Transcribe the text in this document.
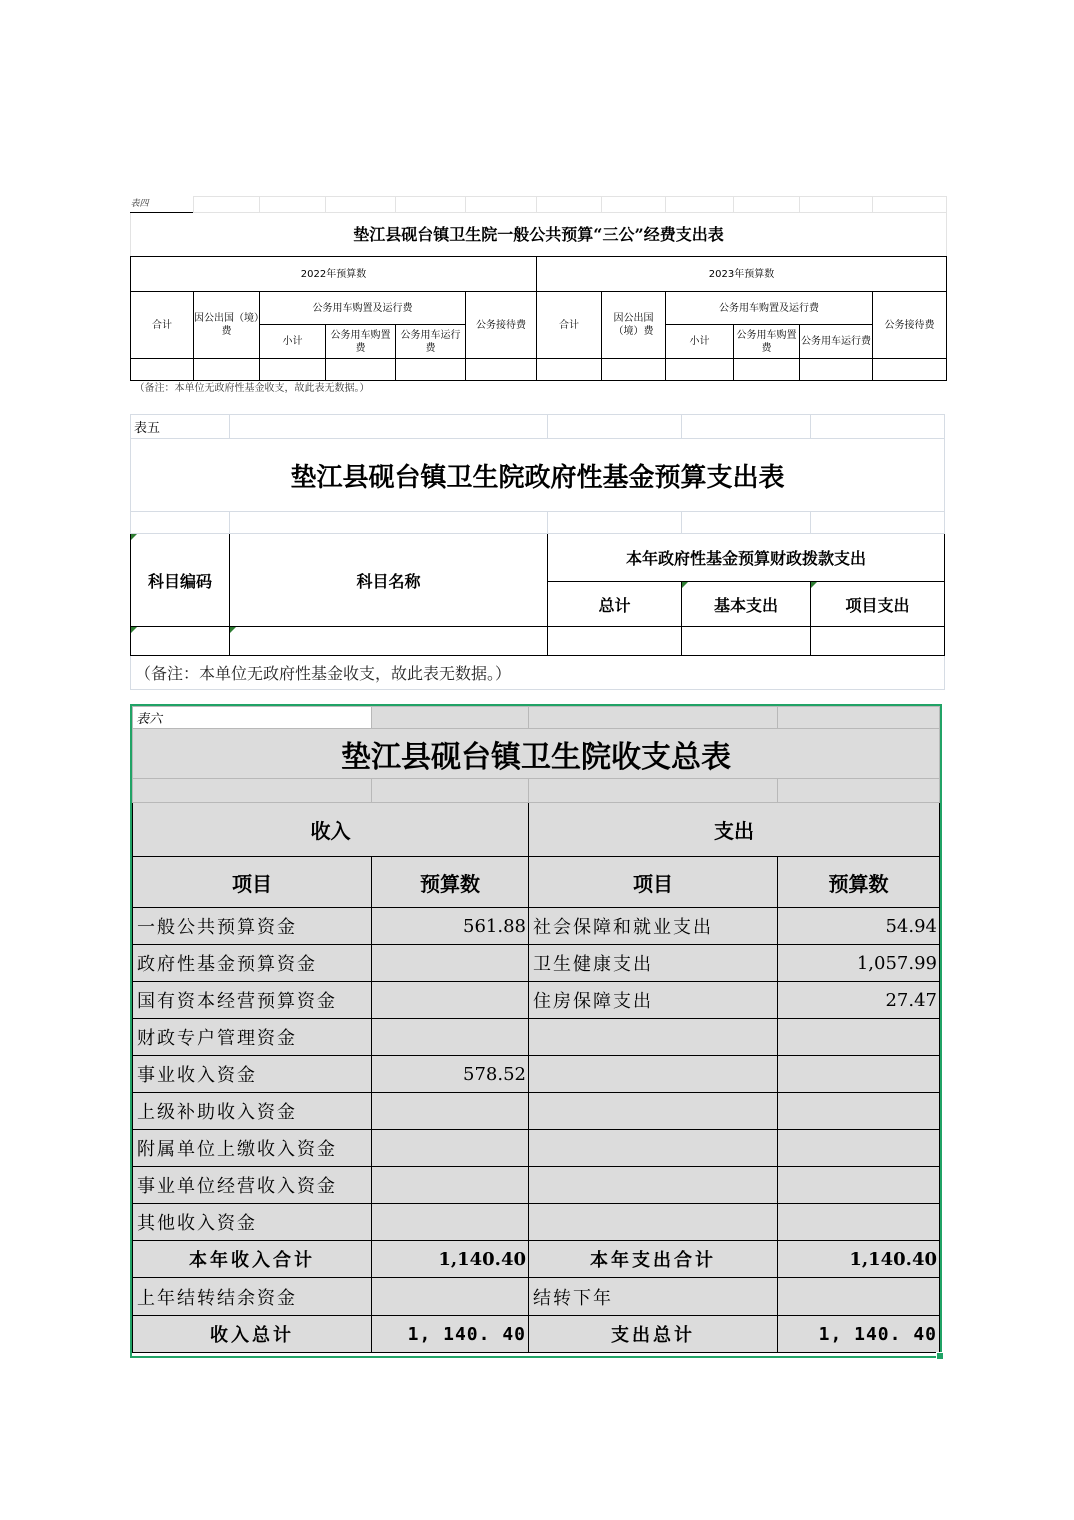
表四											
垫江县砚台镇卫生院一般公共预算“三公”经费支出表											
2022年预算数						2023年预算数					
合计	因公出国（境）费	公务用车购置及运行费			公务接待费	合计	因公出国（境）费	公务用车购置及运行费			公务接待费
		小计	公务用车购置费	公务用车运行费				小计	公务用车购置费	公务用车运行费	

（备注：本单位无政府性基金收支，故此表无数据。）											
表五				
垫江县砚台镇卫生院政府性基金预算支出表				

科目编码	科目名称	本年政府性基金预算财政拨款支出		
		总计	基本支出	项目支出

（备注：本单位无政府性基金收支，故此表无数据。）				
表六			
垫江县砚台镇卫生院收支总表			

收入		支出	
项目	预算数	项目	预算数
一般公共预算资金	561.88	社会保障和就业支出	54.94
政府性基金预算资金		卫生健康支出	1,057.99
国有资本经营预算资金		住房保障支出	27.47
财政专户管理资金			
事业收入资金	578.52		
上级补助收入资金			
附属单位上缴收入资金			
事业单位经营收入资金			
其他收入资金			
本年收入合计	1,140.40	本年支出合计	1,140.40
上年结转结余资金		结转下年	
收入总计	1, 140. 40	支出总计	1, 140. 40
